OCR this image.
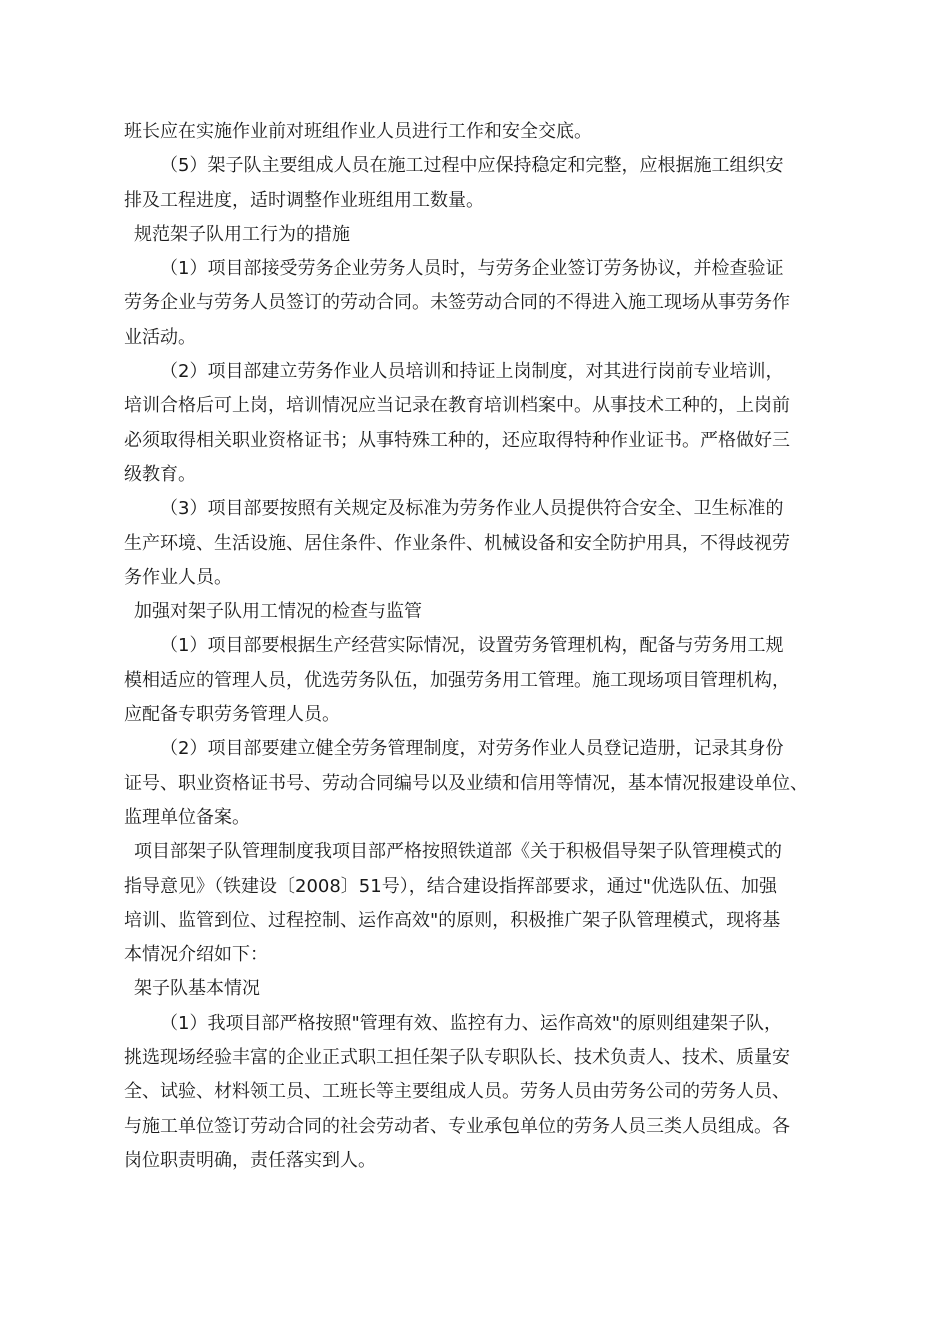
班长应在实施作业前对班组作业人员进行工作和安全交底。
（5）架子队主要组成人员在施工过程中应保持稳定和完整，应根据施工组织安
排及工程进度，适时调整作业班组用工数量。
规范架子队用工行为的措施
（1）项目部接受劳务企业劳务人员时，与劳务企业签订劳务协议，并检查验证
劳务企业与劳务人员签订的劳动合同。未签劳动合同的不得进入施工现场从事劳务作
业活动。
（2）项目部建立劳务作业人员培训和持证上岗制度，对其进行岗前专业培训，
培训合格后可上岗，培训情况应当记录在教育培训档案中。从事技术工种的，上岗前
必须取得相关职业资格证书；从事特殊工种的，还应取得特种作业证书。严格做好三
级教育。
（3）项目部要按照有关规定及标准为劳务作业人员提供符合安全、卫生标准的
生产环境、生活设施、居住条件、作业条件、机械设备和安全防护用具，不得歧视劳
务作业人员。
加强对架子队用工情况的检查与监管
（1）项目部要根据生产经营实际情况，设置劳务管理机构，配备与劳务用工规
模相适应的管理人员，优选劳务队伍，加强劳务用工管理。施工现场项目管理机构，
应配备专职劳务管理人员。
（2）项目部要建立健全劳务管理制度，对劳务作业人员登记造册，记录其身份
证号、职业资格证书号、劳动合同编号以及业绩和信用等情况，基本情况报建设单位、
监理单位备案。
项目部架子队管理制度我项目部严格按照铁道部《关于积极倡导架子队管理模式的
指导意见》（铁建设〔2008〕51号），结合建设指挥部要求，通过"优选队伍、加强
培训、监管到位、过程控制、运作高效"的原则，积极推广架子队管理模式，现将基
本情况介绍如下：
架子队基本情况
（1）我项目部严格按照"管理有效、监控有力、运作高效"的原则组建架子队，
挑选现场经验丰富的企业正式职工担任架子队专职队长、技术负责人、技术、质量安
全、试验、材料领工员、工班长等主要组成人员。劳务人员由劳务公司的劳务人员、
与施工单位签订劳动合同的社会劳动者、专业承包单位的劳务人员三类人员组成。各
岗位职责明确，责任落实到人。
